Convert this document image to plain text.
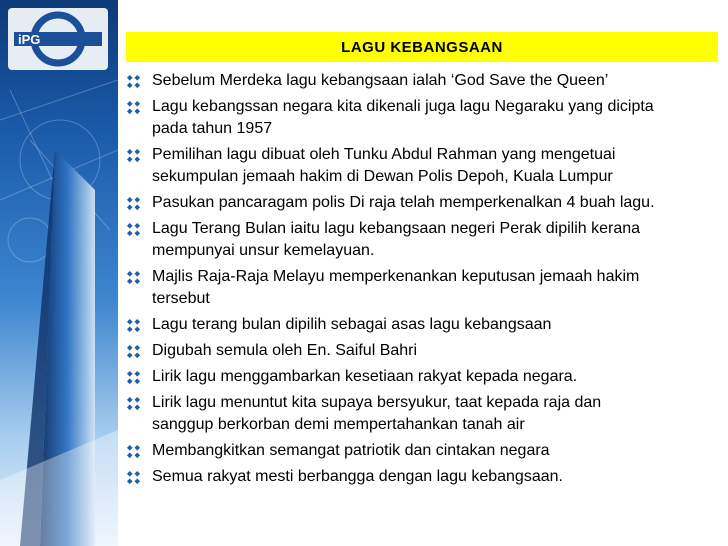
iPG	LAGU KEBANGSAAN
Sebelum Merdeka lagu kebangsaan ialah ‘God Save the Queen’
Lagu kebangssan negara kita dikenali juga lagu Negaraku yang dicipta
pada tahun 1957
Pemilihan lagu dibuat oleh Tunku Abdul Rahman yang mengetuai
sekumpulan jemaah hakim di Dewan Polis Depoh, Kuala Lumpur
Pasukan pancaragam polis Di raja telah memperkenalkan 4 buah lagu.
Lagu Terang Bulan iaitu lagu kebangsaan negeri Perak dipilih kerana
mempunyai unsur kemelayuan.
Majlis Raja-Raja Melayu memperkenankan keputusan jemaah hakim
tersebut
Lagu terang bulan dipilih sebagai asas lagu kebangsaan
Digubah semula oleh En. Saiful Bahri
Lirik lagu menggambarkan kesetiaan rakyat kepada negara.
Lirik lagu menuntut kita supaya bersyukur, taat kepada raja dan
sanggup berkorban demi mempertahankan tanah air
Membangkitkan semangat patriotik dan cintakan negara
Semua rakyat mesti berbangga dengan lagu kebangsaan.
